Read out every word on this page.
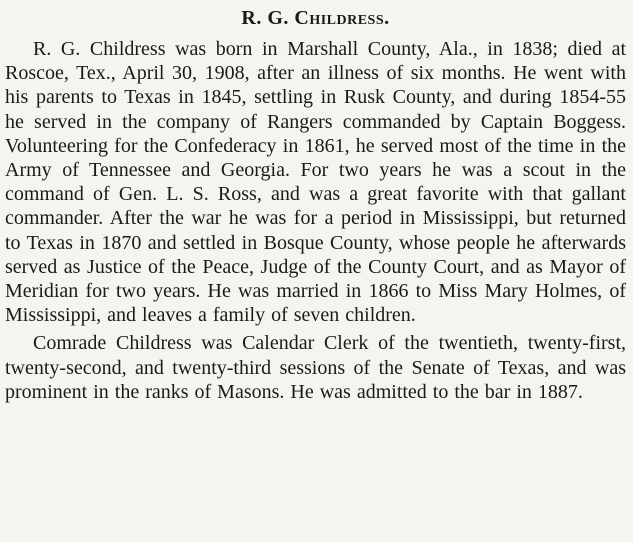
R. G. Childress.

R. G. Childress was born in Marshall County, Ala., in 1838; died at Roscoe, Tex., April 30, 1908, after an illness of six months. He went with his parents to Texas in 1845, settling in Rusk County, and during 1854-55 he served in the company of Rangers commanded by Captain Boggess. Volunteering for the Confederacy in 1861, he served most of the time in the Army of Tennessee and Georgia. For two years he was a scout in the command of Gen. L. S. Ross, and was a great favorite with that gallant commander. After the war he was for a period in Mississippi, but returned to Texas in 1870 and settled in Bosque County, whose people he afterwards served as Justice of the Peace, Judge of the County Court, and as Mayor of Meridian for two years. He was married in 1866 to Miss Mary Holmes, of Mississippi, and leaves a family of seven children.

Comrade Childress was Calendar Clerk of the twentieth, twenty-first, twenty-second, and twenty-third sessions of the Senate of Texas, and was prominent in the ranks of Masons. He was admitted to the bar in 1887.
